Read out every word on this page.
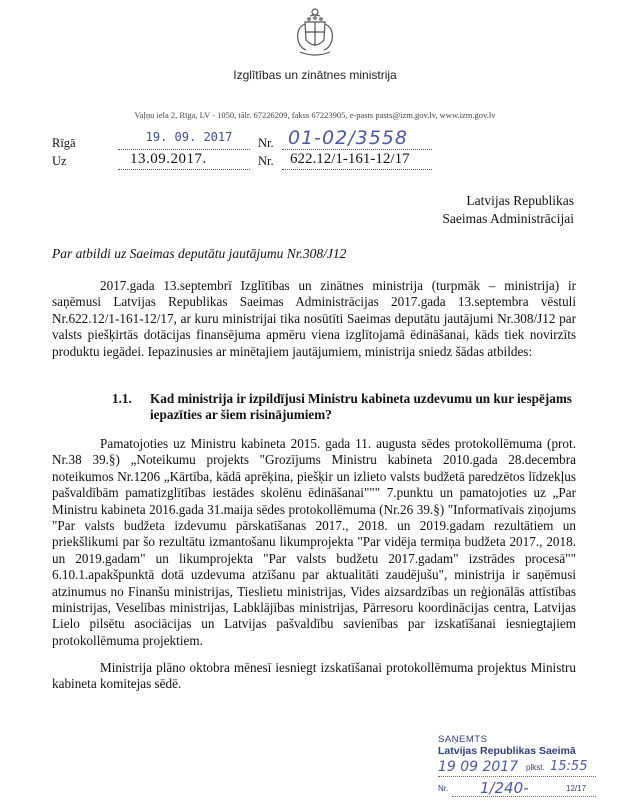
Izglītības un zinātnes ministrija
Vaļņu iela 2, Rīga, LV - 1050, tālr. 67226209, fakss 67223905, e-pasts pasts@izm.gov.lv, www.izm.gov.lv
Rīgā	19. 09. 2017	Nr. 01-02/3558
Uz	13.09.2017.	Nr. 622.12/1-161-12/17
Latvijas Republikas
Saeimas Administrācijai
Par atbildi uz Saeimas deputātu jautājumu Nr.308/J12
2017.gada 13.septembrī Izglītības un zinātnes ministrija (turpmāk – ministrija) ir saņēmusi Latvijas Republikas Saeimas Administrācijas 2017.gada 13.septembra vēstuli Nr.622.12/1-161-12/17, ar kuru ministrijai tika nosūtīti Saeimas deputātu jautājumi Nr.308/J12 par valsts piešķirtās dotācijas finansējuma apmēru viena izglītojamā ēdināšanai, kāds tiek novirzīts produktu iegādei. Iepazinusies ar minētajiem jautājumiem, ministrija sniedz šādas atbildes:
1.1. Kad ministrija ir izpildījusi Ministru kabineta uzdevumu un kur iespējams iepazīties ar šiem risinājumiem?
Pamatojoties uz Ministru kabineta 2015. gada 11. augusta sēdes protokollēmuma (prot. Nr.38 39.§) „Noteikumu projekts "Grozījums Ministru kabineta 2010.gada 28.decembra noteikumos Nr.1206 „Kārtība, kādā aprēķina, piešķir un izlieto valsts budžetā paredzētos līdzekļus pašvaldībām pamatizglītības iestādes skolēnu ēdināšanai""" 7.punktu un pamatojoties uz „Par Ministru kabineta 2016.gada 31.maija sēdes protokollēmuma (Nr.26 39.§) "Informatīvais ziņojums "Par valsts budžeta izdevumu pārskatīšanas 2017., 2018. un 2019.gadam rezultātiem un priekšlikumi par šo rezultātu izmantošanu likumprojekta "Par vidēja termiņa budžeta 2017., 2018. un 2019.gadam" un likumprojekta "Par valsts budžetu 2017.gadam" izstrādes procesā"" 6.10.1.apakšpunktā dotā uzdevuma atzīšanu par aktualitāti zaudējušu", ministrija ir saņēmusi atzinumus no Finanšu ministrijas, Tieslietu ministrijas, Vides aizsardzības un reģionālās attīstības ministrijas, Veselības ministrijas, Labklājības ministrijas, Pārresoru koordinācijas centra, Latvijas Lielo pilsētu asociācijas un Latvijas pašvaldību savienības par izskatīšanai iesniegtajiem protokollēmuma projektiem.
Ministrija plāno oktobra mēnesī iesniegt izskatīšanai protokollēmuma projektus Ministru kabineta komitejas sēdē.
SAŅEMTS
Latvijas Republikas Saeimā
19 09 2017 plkst. 15:55
Nr. 1/240-	12/17
